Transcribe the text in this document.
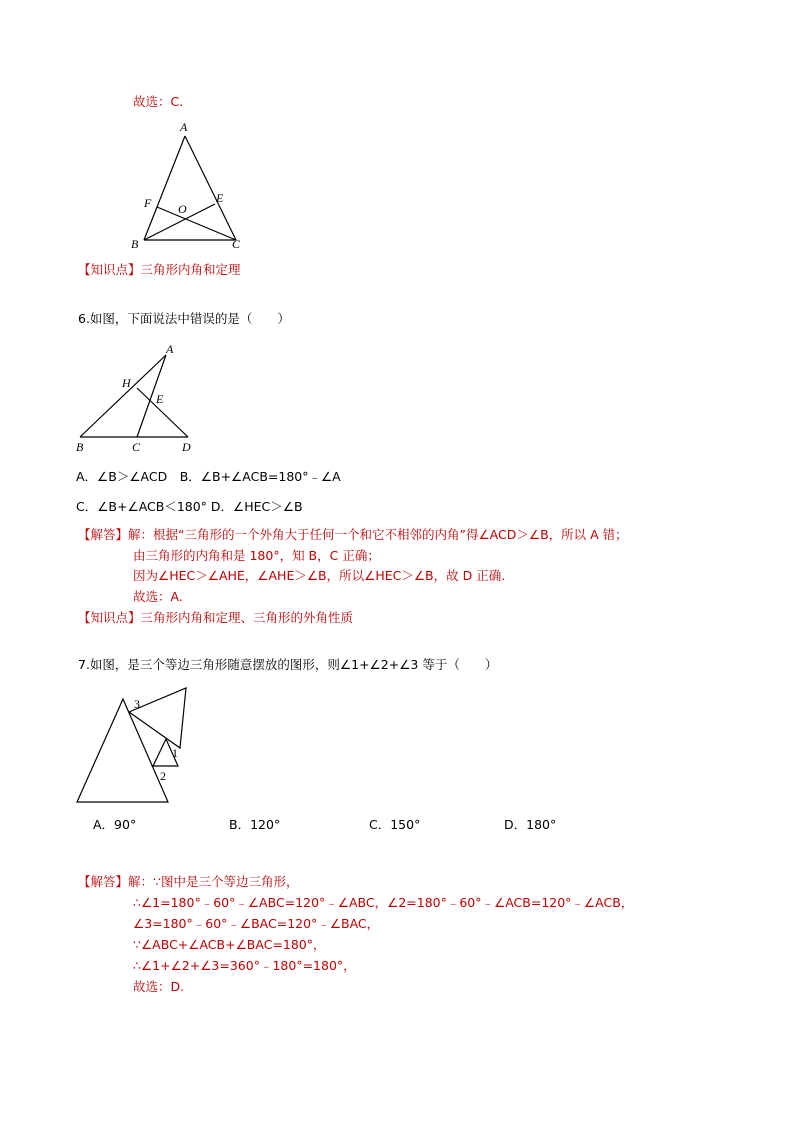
故选：C.
A
F O
E
B	C
【知识点】三角形内角和定理
6.如图，下面说法中错误的是（　　）
A
H
E
B	C	D
A．∠B＞∠ACD　B．∠B+∠ACB=180°﹣∠A
C．∠B+∠ACB＜180° D．∠HEC＞∠B
【解答】解：根据“三角形的一个外角大于任何一个和它不相邻的内角”得∠ACD＞∠B，所以 A 错；
由三角形的内角和是 180°，知 B，C 正确；
因为∠HEC＞∠AHE，∠AHE＞∠B，所以∠HEC＞∠B，故 D 正确.
故选：A.
【知识点】三角形内角和定理、三角形的外角性质
7.如图，是三个等边三角形随意摆放的图形，则∠1+∠2+∠3 等于（　　）
3
1
2
A．90°	B．120°	C．150°	D．180°
【解答】解：∵图中是三个等边三角形，
∴∠1=180°﹣60°﹣∠ABC=120°﹣∠ABC，∠2=180°﹣60°﹣∠ACB=120°﹣∠ACB，
∠3=180°﹣60°﹣∠BAC=120°﹣∠BAC，
∵∠ABC+∠ACB+∠BAC=180°，
∴∠1+∠2+∠3=360°﹣180°=180°，
故选：D.
